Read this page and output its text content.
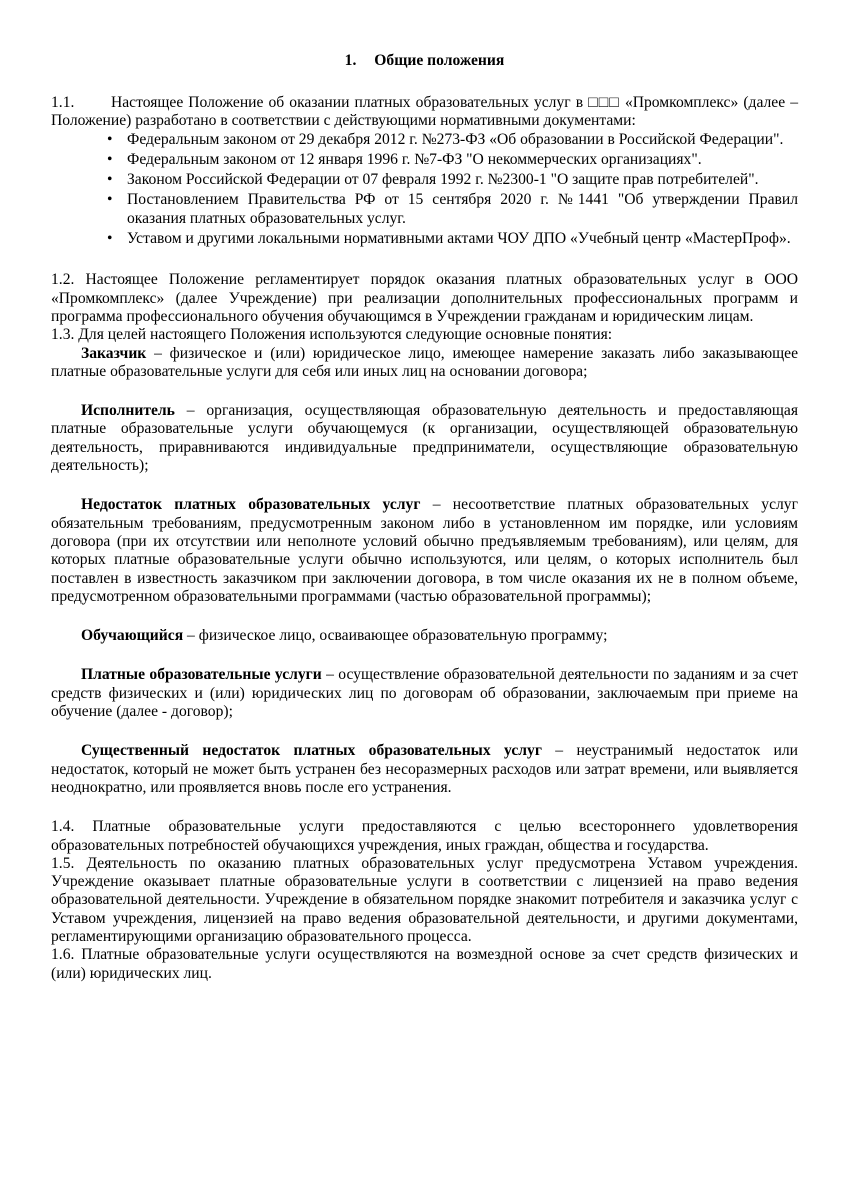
1. Общие положения

1.1. Настоящее Положение об оказании платных образовательных услуг в □□□ «Промкомплекс» (далее – Положение) разработано в соответствии с действующими нормативными документами:

• Федеральным законом от 29 декабря 2012 г. №273-ФЗ «Об образовании в Российской Федерации".
• Федеральным законом от 12 января 1996 г. №7-ФЗ "О некоммерческих организациях".
• Законом Российской Федерации от 07 февраля 1992 г. №2300-1 "О защите прав потребителей".
• Постановлением Правительства РФ от 15 сентября 2020 г. №1441 "Об утверждении Правил оказания платных образовательных услуг.
• Уставом и другими локальными нормативными актами ЧОУ ДПО «Учебный центр «МастерПроф».

1.2. Настоящее Положение регламентирует порядок оказания платных образовательных услуг в ООО «Промкомплекс» (далее Учреждение) при реализации дополнительных профессиональных программ и программа профессионального обучения обучающимся в Учреждении гражданам и юридическим лицам.

1.3. Для целей настоящего Положения используются следующие основные понятия:

Заказчик – физическое и (или) юридическое лицо, имеющее намерение заказать либо заказывающее платные образовательные услуги для себя или иных лиц на основании договора;

Исполнитель – организация, осуществляющая образовательную деятельность и предоставляющая платные образовательные услуги обучающемуся (к организации, осуществляющей образовательную деятельность, приравниваются индивидуальные предприниматели, осуществляющие образовательную деятельность);

Недостаток платных образовательных услуг – несоответствие платных образовательных услуг обязательным требованиям, предусмотренным законом либо в установленном им порядке, или условиям договора (при их отсутствии или неполноте условий обычно предъявляемым требованиям), или целям, для которых платные образовательные услуги обычно используются, или целям, о которых исполнитель был поставлен в известность заказчиком при заключении договора, в том числе оказания их не в полном объеме, предусмотренном образовательными программами (частью образовательной программы);

Обучающийся – физическое лицо, осваивающее образовательную программу;

Платные образовательные услуги – осуществление образовательной деятельности по заданиям и за счет средств физических и (или) юридических лиц по договорам об образовании, заключаемым при приеме на обучение (далее - договор);

Существенный недостаток платных образовательных услуг – неустранимый недостаток или недостаток, который не может быть устранен без несоразмерных расходов или затрат времени, или выявляется неоднократно, или проявляется вновь после его устранения.

1.4. Платные образовательные услуги предоставляются с целью всестороннего удовлетворения образовательных потребностей обучающихся учреждения, иных граждан, общества и государства.

1.5. Деятельность по оказанию платных образовательных услуг предусмотрена Уставом учреждения. Учреждение оказывает платные образовательные услуги в соответствии с лицензией на право ведения образовательной деятельности. Учреждение в обязательном порядке знакомит потребителя и заказчика услуг с Уставом учреждения, лицензией на право ведения образовательной деятельности, и другими документами, регламентирующими организацию образовательного процесса.

1.6. Платные образовательные услуги осуществляются на возмездной основе за счет средств физических и (или) юридических лиц.
